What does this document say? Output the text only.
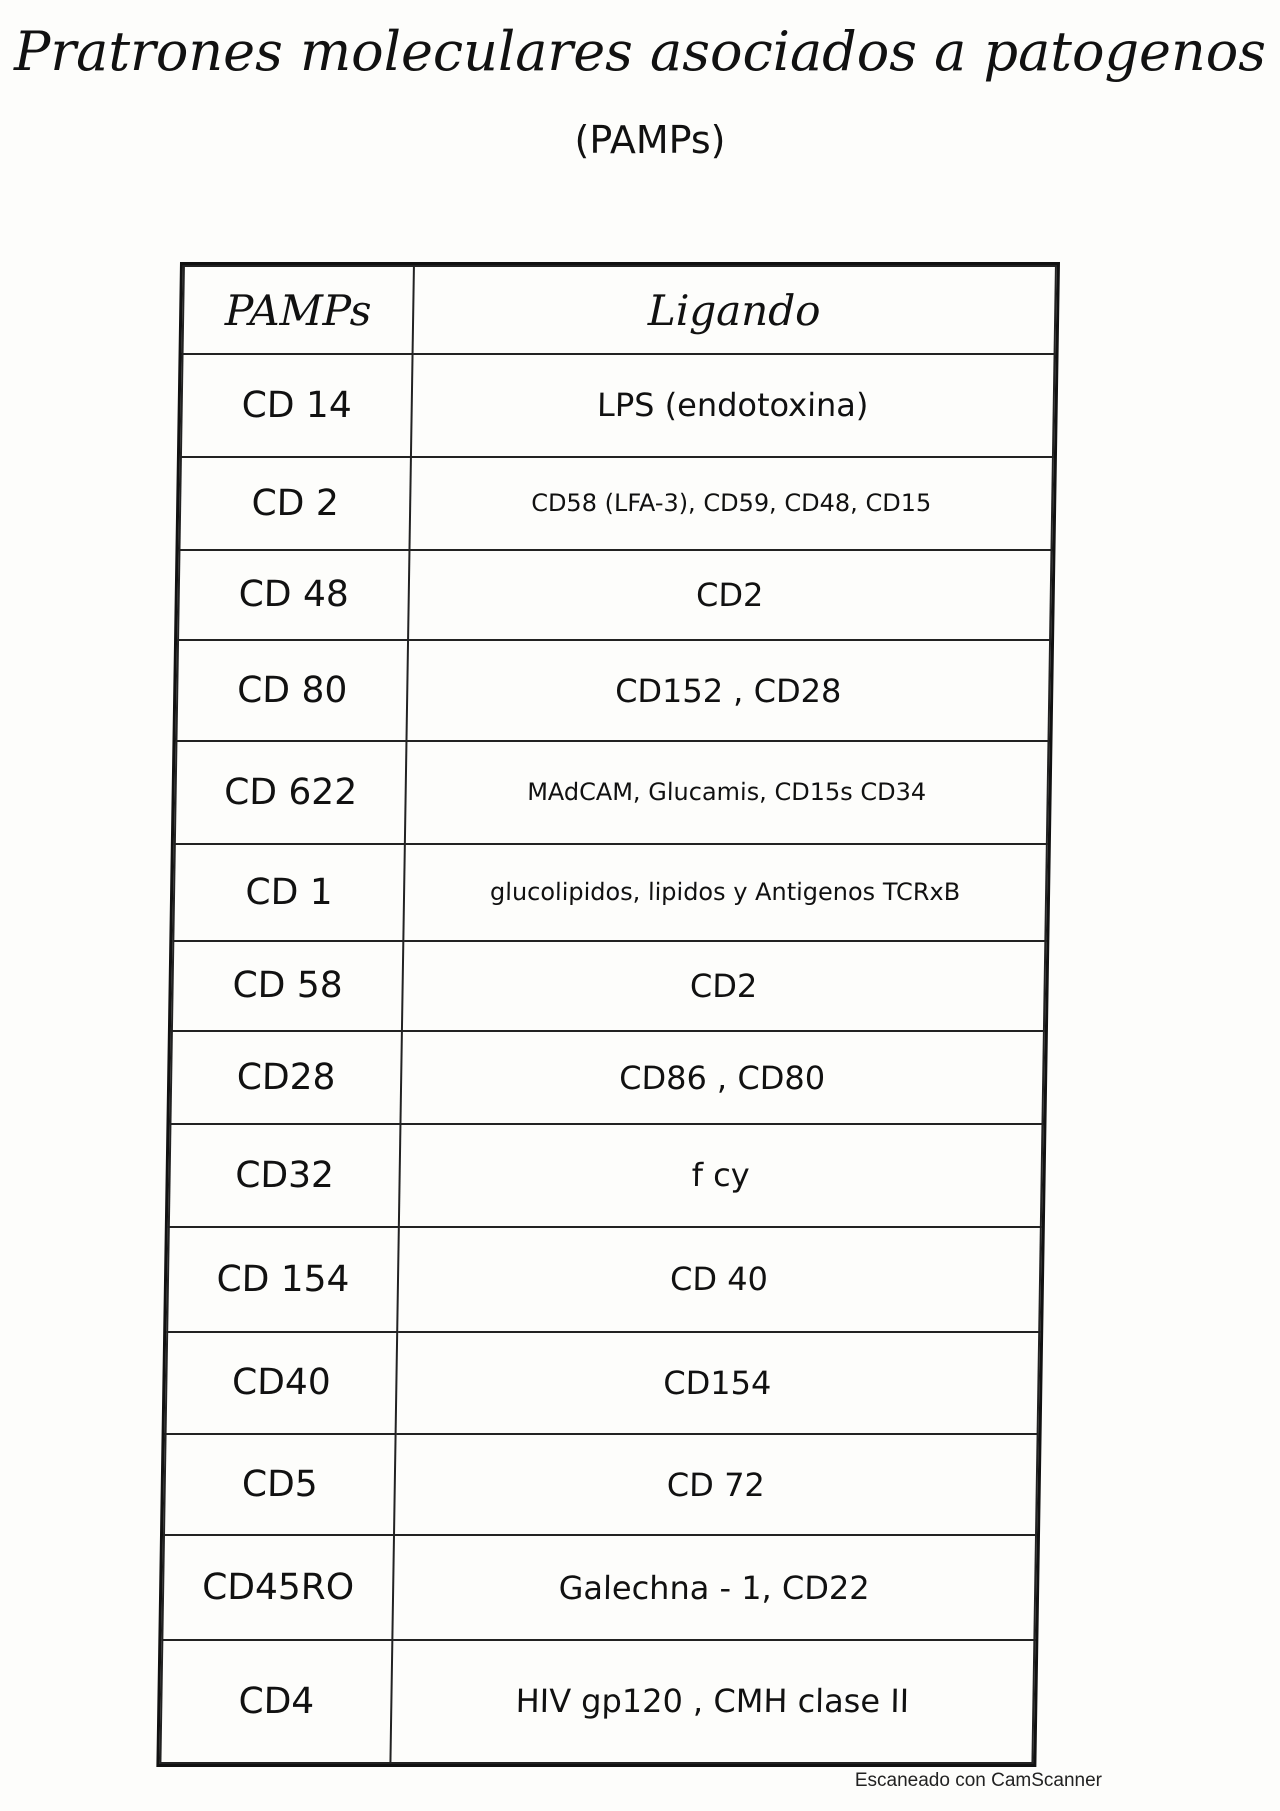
Pratrones moleculares asociados a patogenos
(PAMPs)
PAMPs	Ligando
CD 14	LPS (endotoxina)
CD 2	CD58 (LFA-3), CD59, CD48, CD15
CD 48	CD2
CD 80	CD152 , CD28
CD 622	MAdCAM, Glucamis, CD15s CD34
CD 1	glucolipidos, lipidos y Antigenos TCRxB
CD 58	CD2
CD28	CD86 , CD80
CD32	f cy
CD 154	CD 40
CD40	CD154
CD5	CD 72
CD45RO	Galechna - 1, CD22
CD4	HIV gp120 , CMH clase II
Escaneado con CamScanner
